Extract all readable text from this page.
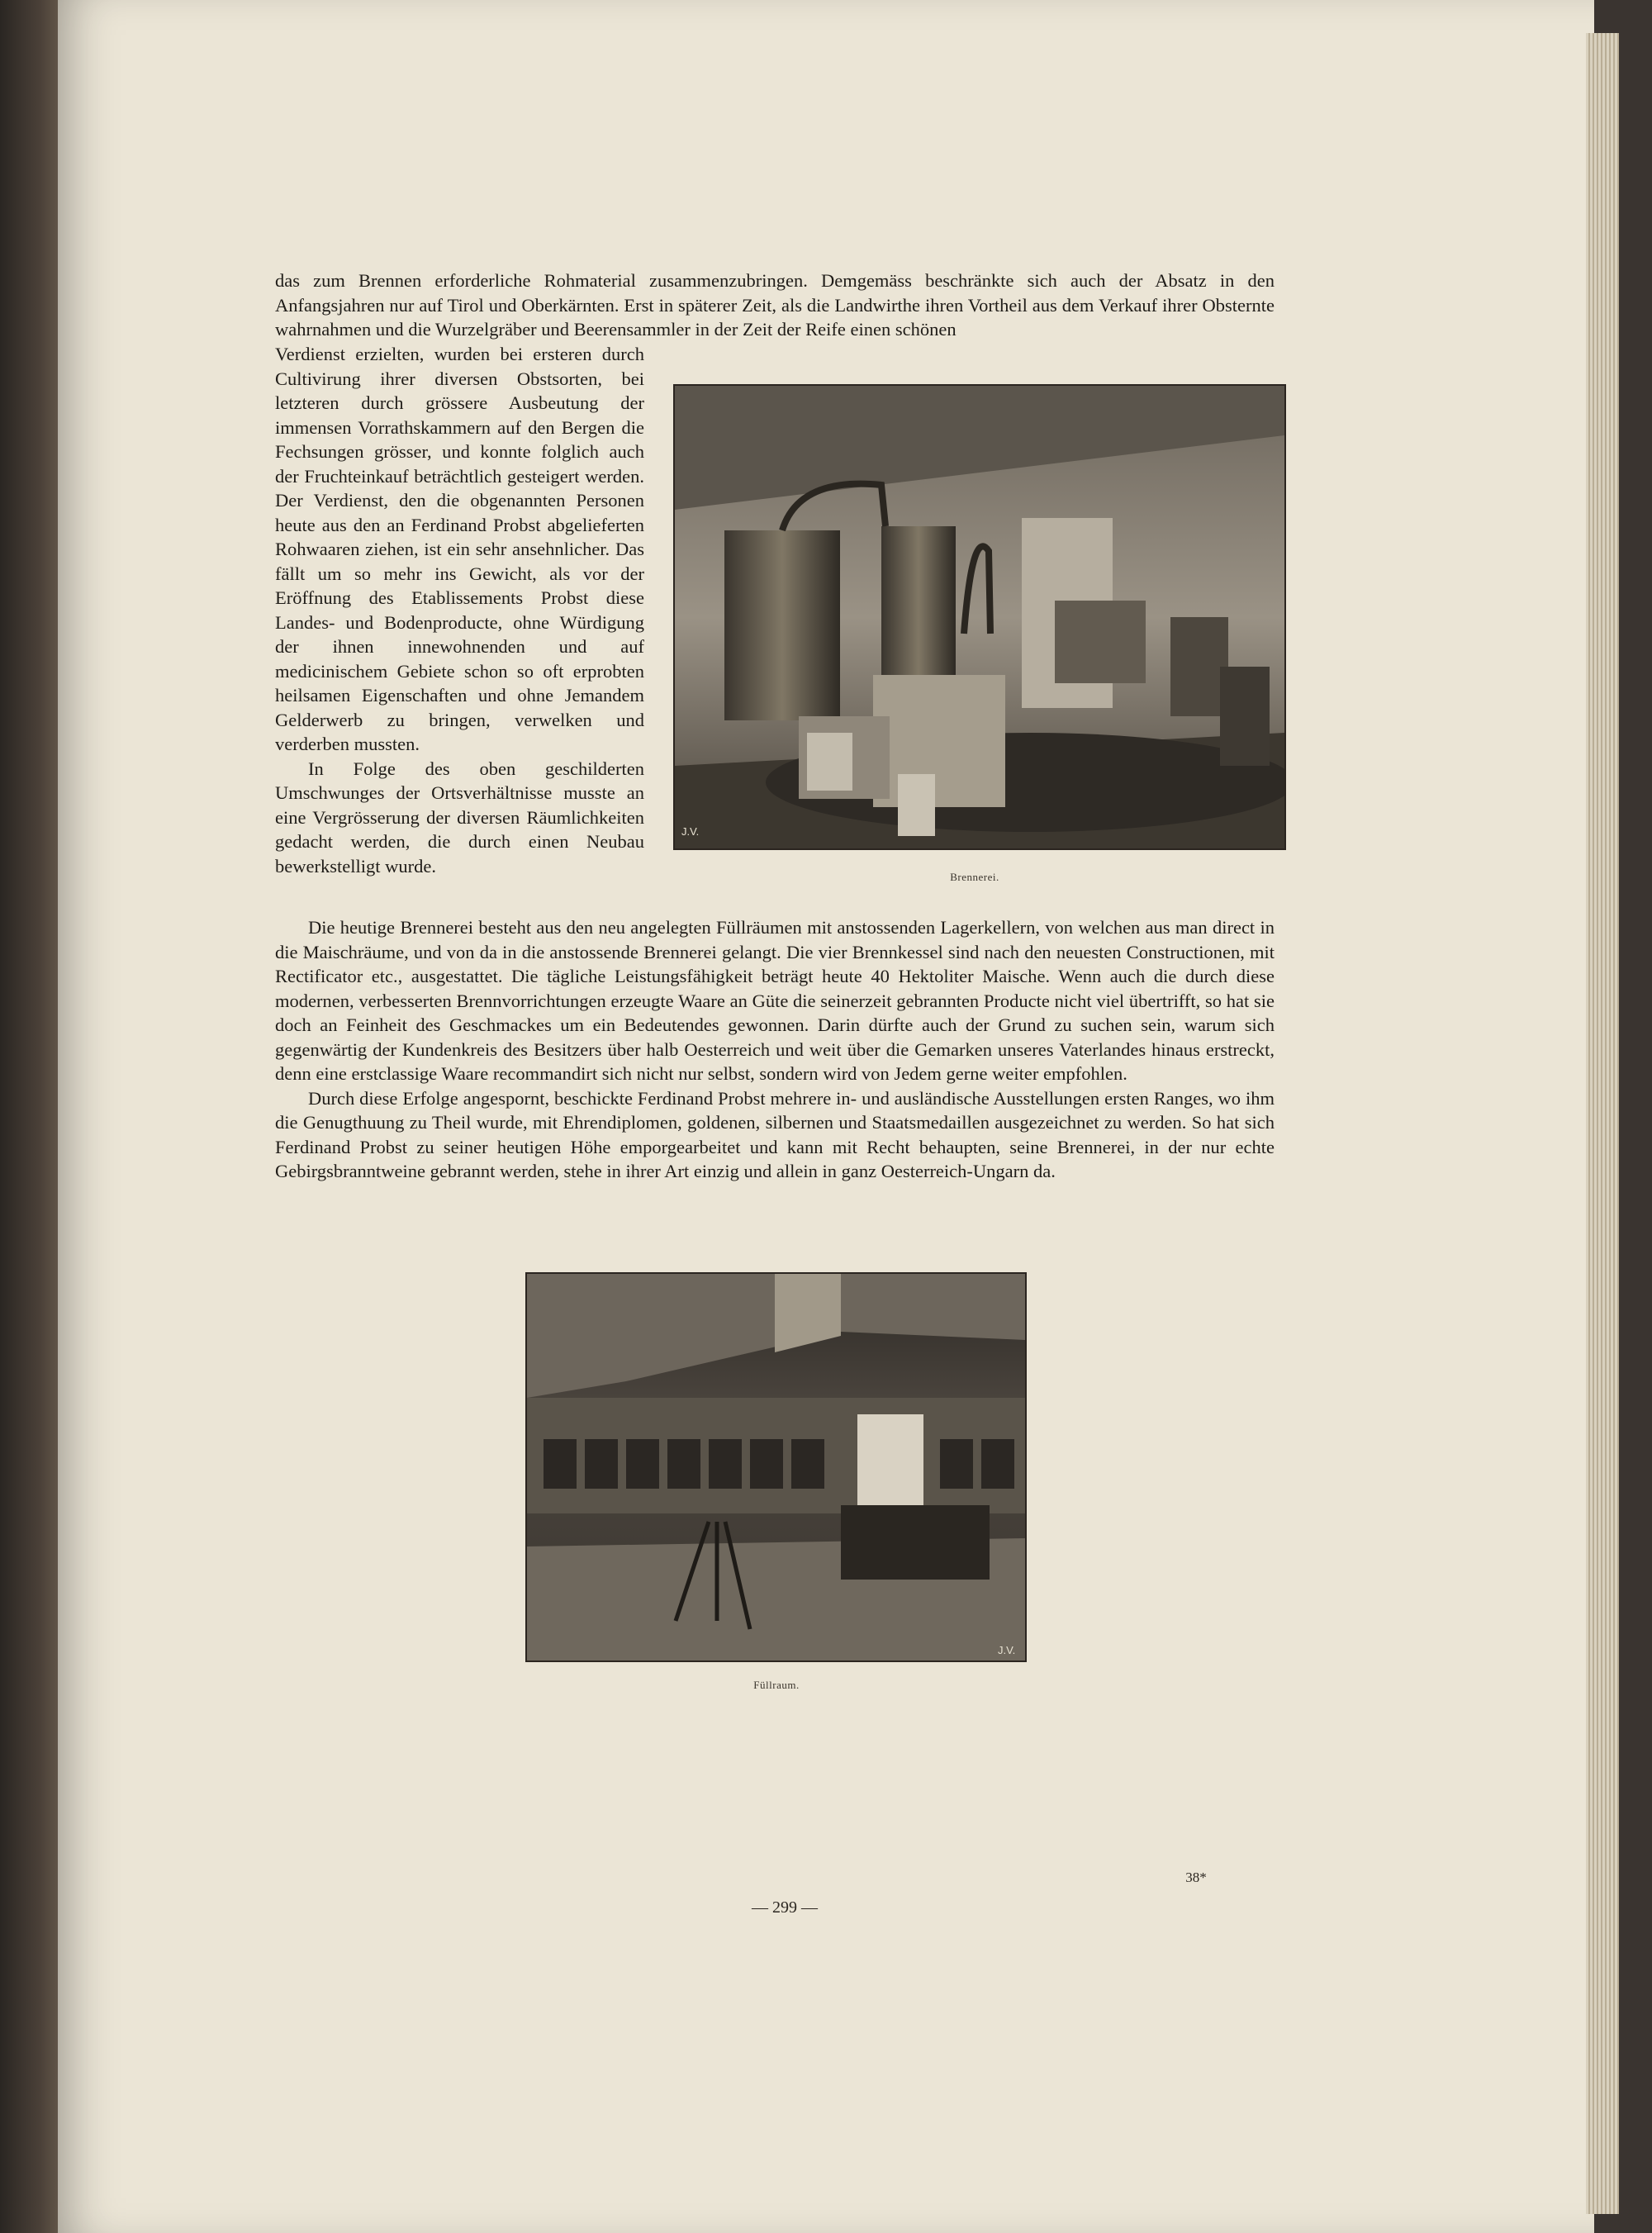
das zum Brennen erforderliche Rohmaterial zusammenzubringen. Demgemäss beschränkte sich auch der Absatz in den Anfangsjahren nur auf Tirol und Oberkärnten. Erst in späterer Zeit, als die Landwirthe ihren Vortheil aus dem Verkauf ihrer Obsternte wahrnahmen und die Wurzelgräber und Beerensammler in der Zeit der Reife einen schönen

Verdienst erzielten, wurden bei ersteren durch Cultivirung ihrer diversen Obstsorten, bei letzteren durch grössere Ausbeutung der immensen Vorrathskammern auf den Bergen die Fechsungen grösser, und konnte folglich auch der Fruchteinkauf beträchtlich gesteigert werden. Der Verdienst, den die obgenannten Personen heute aus den an Ferdinand Probst abgelieferten Rohwaaren ziehen, ist ein sehr ansehnlicher. Das fällt um so mehr ins Gewicht, als vor der Eröffnung des Etablissements Probst diese Landes- und Bodenproducte, ohne Würdigung der ihnen innewohnenden und auf medicinischem Gebiete schon so oft erprobten heilsamen Eigenschaften und ohne Jemandem Gelderwerb zu bringen, verwelken und verderben mussten.

In Folge des oben geschilderten Umschwunges der Ortsverhältnisse musste an eine Vergrösserung der diversen Räumlichkeiten gedacht werden, die durch einen Neubau bewerkstelligt wurde.

J.V.
Brennerei.

Die heutige Brennerei besteht aus den neu angelegten Füllräumen mit anstossenden Lagerkellern, von welchen aus man direct in die Maischräume, und von da in die anstossende Brennerei gelangt. Die vier Brennkessel sind nach den neuesten Constructionen, mit Rectificator etc., ausgestattet. Die tägliche Leistungsfähigkeit beträgt heute 40 Hektoliter Maische. Wenn auch die durch diese modernen, verbesserten Brennvorrichtungen erzeugte Waare an Güte die seinerzeit gebrannten Producte nicht viel übertrifft, so hat sie doch an Feinheit des Geschmackes um ein Bedeutendes gewonnen. Darin dürfte auch der Grund zu suchen sein, warum sich gegenwärtig der Kundenkreis des Besitzers über halb Oesterreich und weit über die Gemarken unseres Vaterlandes hinaus erstreckt, denn eine erstclassige Waare recommandirt sich nicht nur selbst, sondern wird von Jedem gerne weiter empfohlen.

Durch diese Erfolge angespornt, beschickte Ferdinand Probst mehrere in- und ausländische Ausstellungen ersten Ranges, wo ihm die Genugthuung zu Theil wurde, mit Ehrendiplomen, goldenen, silbernen und Staatsmedaillen ausgezeichnet zu werden. So hat sich Ferdinand Probst zu seiner heutigen Höhe emporgearbeitet und kann mit Recht behaupten, seine Brennerei, in der nur echte Gebirgsbranntweine gebrannt werden, stehe in ihrer Art einzig und allein in ganz Oesterreich-Ungarn da.

J.V.
Füllraum.
38*
— 299 —
